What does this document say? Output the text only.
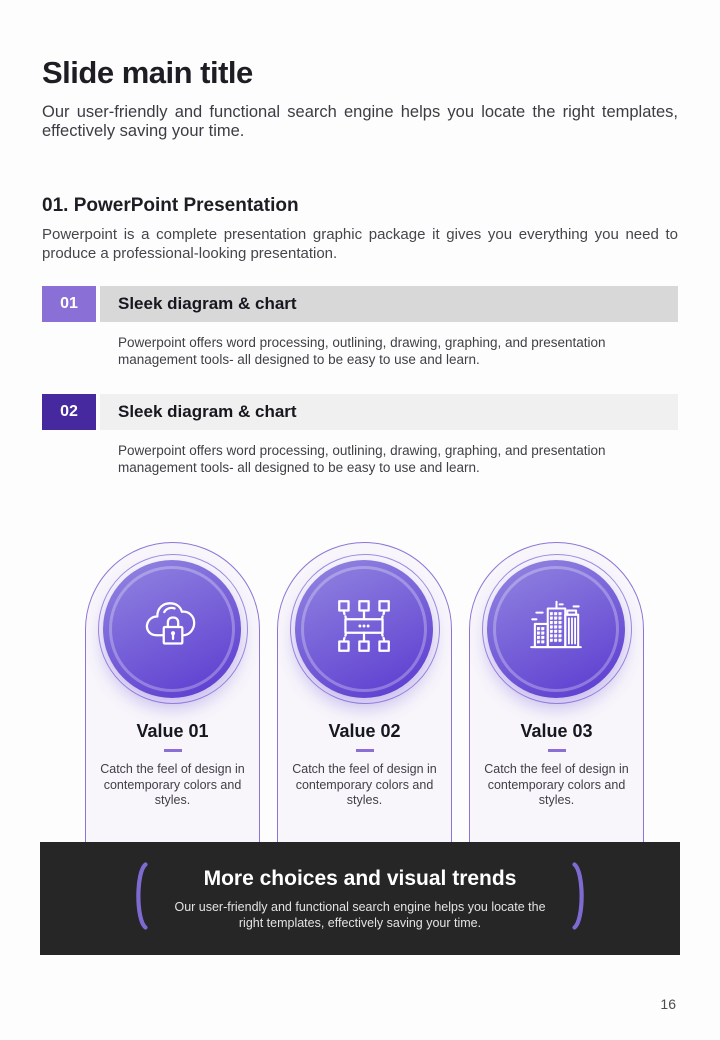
Slide main title

Our user-friendly and functional search engine helps you locate the right templates, effectively saving your time.

01. PowerPoint Presentation

Powerpoint is a complete presentation graphic package it gives you everything you need to produce a professional-looking presentation.

01	Sleek diagram & chart

Powerpoint offers word processing, outlining, drawing, graphing, and presentation management tools- all designed to be easy to use and learn.

02	Sleek diagram & chart

Powerpoint offers word processing, outlining, drawing, graphing, and presentation management tools- all designed to be easy to use and learn.

Value 01

Catch the feel of design in contemporary colors and styles.

Value 02

Catch the feel of design in contemporary colors and styles.

Value 03

Catch the feel of design in contemporary colors and styles.

More choices and visual trends

Our user-friendly and functional search engine helps you locate the right templates, effectively saving your time.

16
